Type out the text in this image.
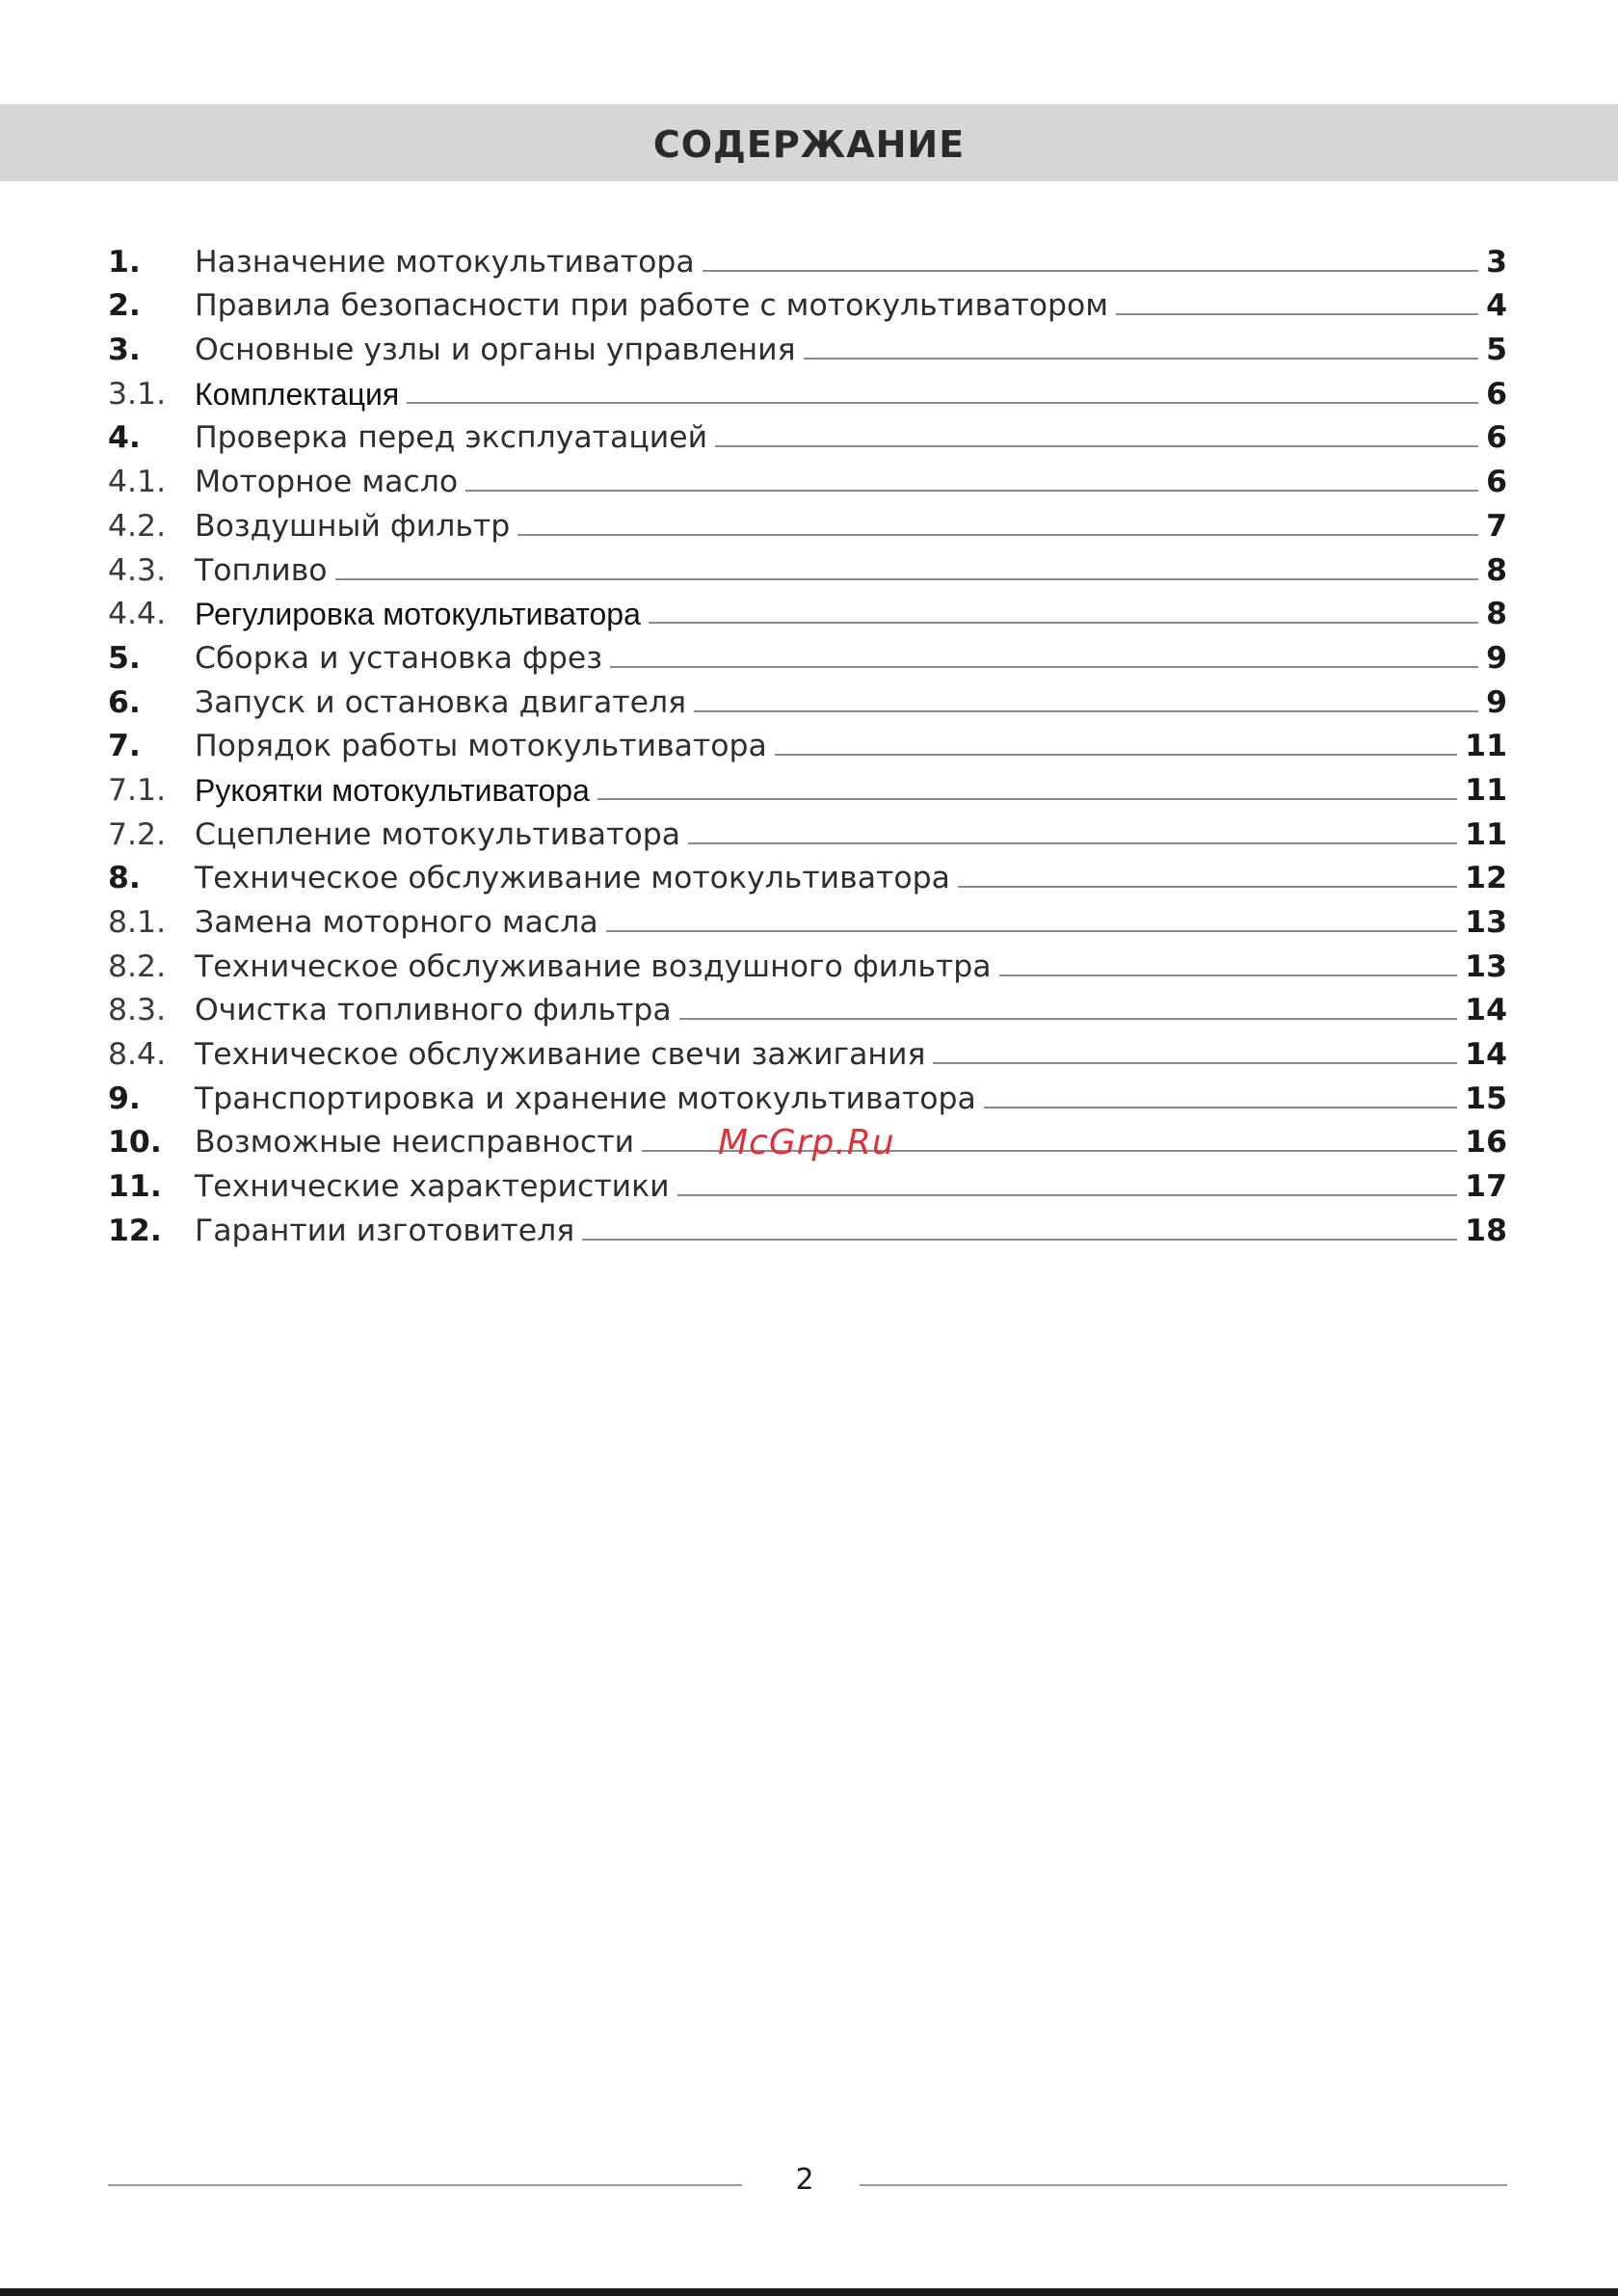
СОДЕРЖАНИЕ
1.	Назначение мотокультиватора	3
2.	Правила безопасности при работе с мотокультиватором	4
3.	Основные узлы и органы управления	5
3.1. Комплектация	6
4.	Проверка перед эксплуатацией	6
4.1. Моторное масло	6
4.2. Воздушный фильтр	7
4.3. Топливо	8
4.4. Регулировка мотокультиватора	8
5.	Сборка и установка фрез	9
6.	Запуск и остановка двигателя	9
7.	Порядок работы мотокультиватора	11
7.1. Рукоятки мотокультиватора	11
7.2. Сцепление мотокультиватора	11
8.	Техническое обслуживание мотокультиватора	12
8.1. Замена моторного масла	13
8.2. Техническое обслуживание воздушного фильтра	13
8.3. Очистка топливного фильтра	14
8.4. Техническое обслуживание свечи зажигания	14
9.	Транспортировка и хранение мотокультиватора	15
10.	Возможные неисправности	16
11.	Технические характеристики	17
12.	Гарантии изготовителя	18
McGrp.Ru
2
